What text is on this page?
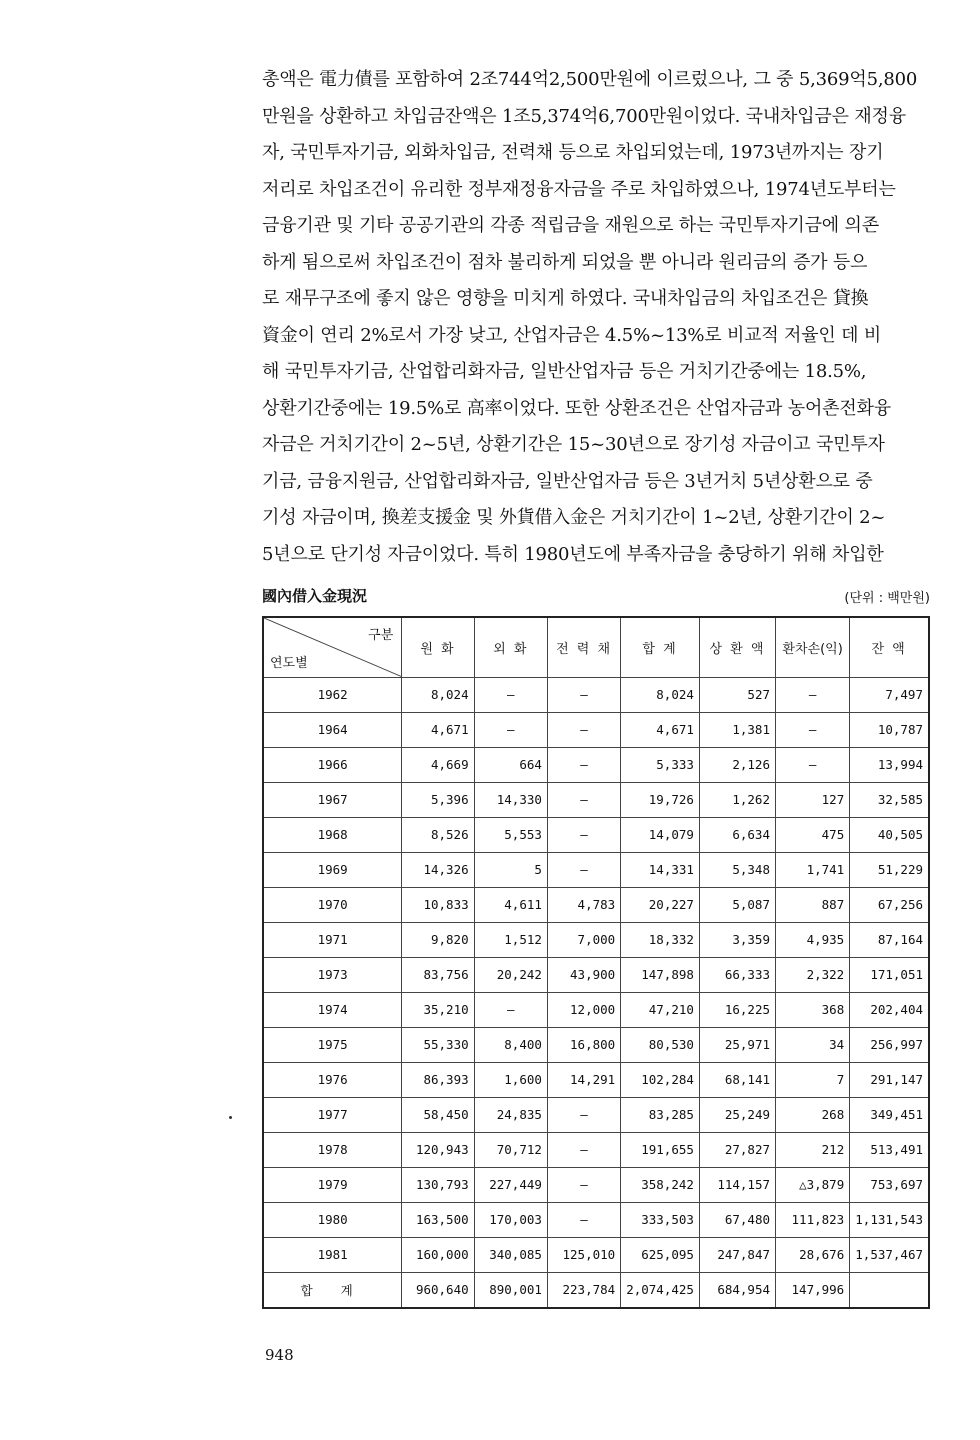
총액은 電力債를 포함하여 2조744억2,500만원에 이르렀으나, 그 중 5,369억5,800
만원을 상환하고 차입금잔액은 1조5,374억6,700만원이었다. 국내차입금은 재정융
자, 국민투자기금, 외화차입금, 전력채 등으로 차입되었는데, 1973년까지는 장기
저리로 차입조건이 유리한 정부재정융자금을 주로 차입하였으나, 1974년도부터는
금융기관 및 기타 공공기관의 각종 적립금을 재원으로 하는 국민투자기금에 의존
하게 됨으로써 차입조건이 점차 불리하게 되었을 뿐 아니라 원리금의 증가 등으
로 재무구조에 좋지 않은 영향을 미치게 하였다. 국내차입금의 차입조건은 貸換
資金이 연리 2%로서 가장 낮고, 산업자금은 4.5%~13%로 비교적 저율인 데 비
해 국민투자기금, 산업합리화자금, 일반산업자금 등은 거치기간중에는 18.5%,
상환기간중에는 19.5%로 高率이었다. 또한 상환조건은 산업자금과 농어촌전화융
자금은 거치기간이 2~5년, 상환기간은 15~30년으로 장기성 자금이고 국민투자
기금, 금융지원금, 산업합리화자금, 일반산업자금 등은 3년거치 5년상환으로 중
기성 자금이며, 換差支援金 및 外貨借入金은 거치기간이 1~2년, 상환기간이 2~
5년으로 단기성 자금이었다. 특히 1980년도에 부족자금을 충당하기 위해 차입한
國內借入金現況	(단위 : 백만원)
구분
연도별	원 화	외 화	전 력 채	합 계	상 환 액	환차손(익)	잔 액
1962	8,024	—	—	8,024	527	—	7,497
1964	4,671	—	—	4,671	1,381	—	10,787
1966	4,669	664	—	5,333	2,126	—	13,994
1967	5,396	14,330	—	19,726	1,262	127	32,585
1968	8,526	5,553	—	14,079	6,634	475	40,505
1969	14,326	5	—	14,331	5,348	1,741	51,229
1970	10,833	4,611	4,783	20,227	5,087	887	67,256
1971	9,820	1,512	7,000	18,332	3,359	4,935	87,164
1973	83,756	20,242	43,900	147,898	66,333	2,322	171,051
1974	35,210	—	12,000	47,210	16,225	368	202,404
1975	55,330	8,400	16,800	80,530	25,971	34	256,997
1976	86,393	1,600	14,291	102,284	68,141	7	291,147
1977	58,450	24,835	—	83,285	25,249	268	349,451
1978	120,943	70,712	—	191,655	27,827	212	513,491
1979	130,793	227,449	—	358,242	114,157	△3,879	753,697
1980	163,500	170,003	—	333,503	67,480	111,823	1,131,543
1981	160,000	340,085	125,010	625,095	247,847	28,676	1,537,467
합 계	960,640	890,001	223,784	2,074,425	684,954	147,996	
948
